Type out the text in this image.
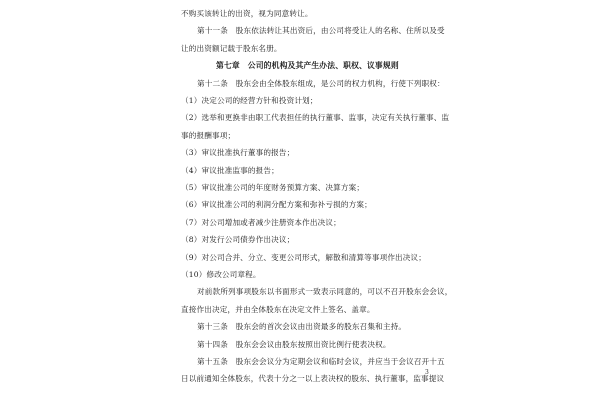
不购买该转让的出资，视为同意转让。
第十一条　股东依法转让其出资后，由公司将受让人的名称、住所以及受
让的出资额记载于股东名册。
第七章　公司的机构及其产生办法、职权、议事规则
第十二条　股东会由全体股东组成，是公司的权力机构，行使下列职权：
（1）决定公司的经营方针和投资计划；
（2）选举和更换非由职工代表担任的执行董事、监事，决定有关执行董事、监
事的报酬事项；
（3）审议批准执行董事的报告；
（4）审议批准监事的报告；
（5）审议批准公司的年度财务预算方案、决算方案；
（6）审议批准公司的利润分配方案和弥补亏损的方案；
（7）对公司增加或者减少注册资本作出决议；
（8）对发行公司债券作出决议；
（9）对公司合并、分立、变更公司形式，解散和清算等事项作出决议；
（10）修改公司章程。
对前款所列事项股东以书面形式一致表示同意的，可以不召开股东会会议，
直接作出决定，并由全体股东在决定文件上签名、盖章。
第十三条　股东会的首次会议由出资最多的股东召集和主持。
第十四条　股东会会议由股东按照出资比例行使表决权。
第十五条　股东会会议分为定期会议和临时会议，并应当于会议召开十五
日以前通知全体股东，代表十分之一以上表决权的股东、执行董事，监事提议
3
